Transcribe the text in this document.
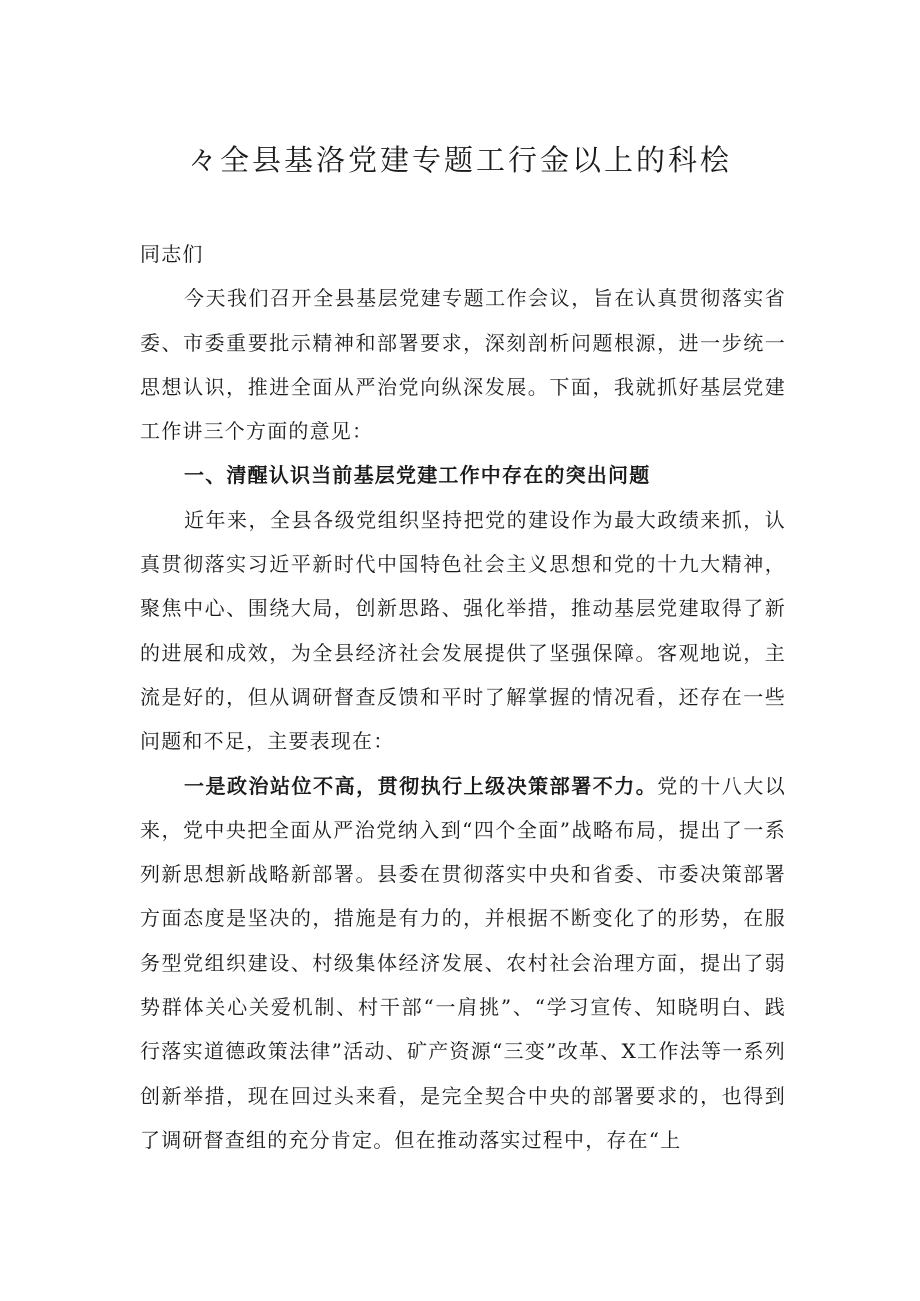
々全县基洛党建专题工行金以上的科桧

同志们

今天我们召开全县基层党建专题工作会议，旨在认真贯彻落实省委、市委重要批示精神和部署要求，深刻剖析问题根源，进一步统一思想认识，推进全面从严治党向纵深发展。下面，我就抓好基层党建工作讲三个方面的意见：

一、清醒认识当前基层党建工作中存在的突出问题

近年来，全县各级党组织坚持把党的建设作为最大政绩来抓，认真贯彻落实习近平新时代中国特色社会主义思想和党的十九大精神，聚焦中心、围绕大局，创新思路、强化举措，推动基层党建取得了新的进展和成效，为全县经济社会发展提供了坚强保障。客观地说，主流是好的，但从调研督查反馈和平时了解掌握的情况看，还存在一些问题和不足，主要表现在：

一是政治站位不高，贯彻执行上级决策部署不力。党的十八大以来，党中央把全面从严治党纳入到“四个全面”战略布局，提出了一系列新思想新战略新部署。县委在贯彻落实中央和省委、市委决策部署方面态度是坚决的，措施是有力的，并根据不断变化了的形势，在服务型党组织建设、村级集体经济发展、农村社会治理方面，提出了弱势群体关心关爱机制、村干部“一肩挑”、“学习宣传、知晓明白、践行落实道德政策法律”活动、矿产资源“三变”改革、X工作法等一系列创新举措，现在回过头来看，是完全契合中央的部署要求的，也得到了调研督查组的充分肯定。但在推动落实过程中，存在“上
